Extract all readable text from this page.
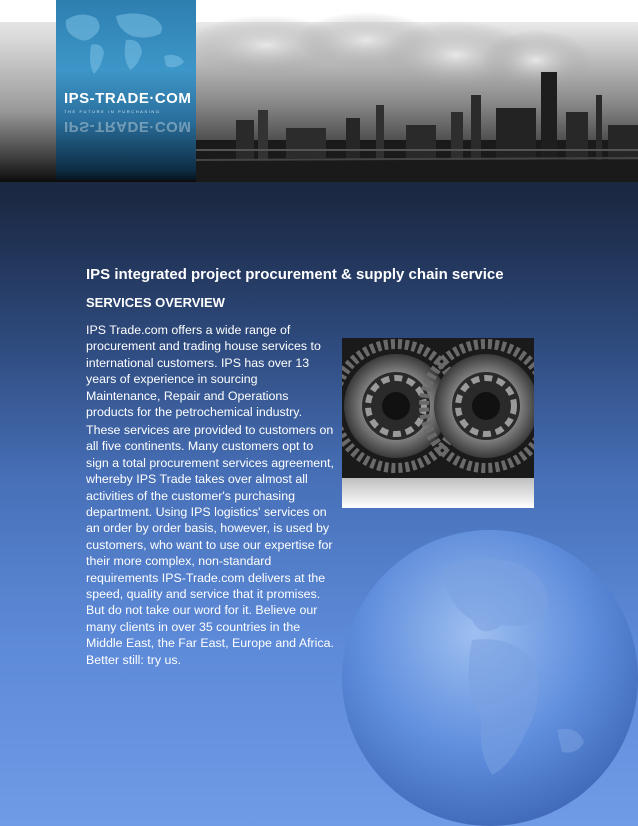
IPS-TRADE·COM
THE FUTURE IN PURCHASING
IPS-TRADE·COM
IPS integrated project procurement & supply chain service
SERVICES OVERVIEW

IPS Trade.com offers a wide range of
procurement and trading house services to
international customers. IPS has over 13
years of experience in sourcing
Maintenance, Repair and Operations
products for the petrochemical industry.

These services are provided to customers on
all five continents. Many customers opt to
sign a total procurement services agreement,
whereby IPS Trade takes over almost all
activities of the customer's purchasing
department. Using IPS logistics' services on
an order by order basis, however, is used by
customers, who want to use our expertise for
their more complex, non-standard
requirements IPS-Trade.com delivers at the
speed, quality and service that it promises.
But do not take our word for it. Believe our
many clients in over 35 countries in the
Middle East, the Far East, Europe and Africa.
Better still: try us.
